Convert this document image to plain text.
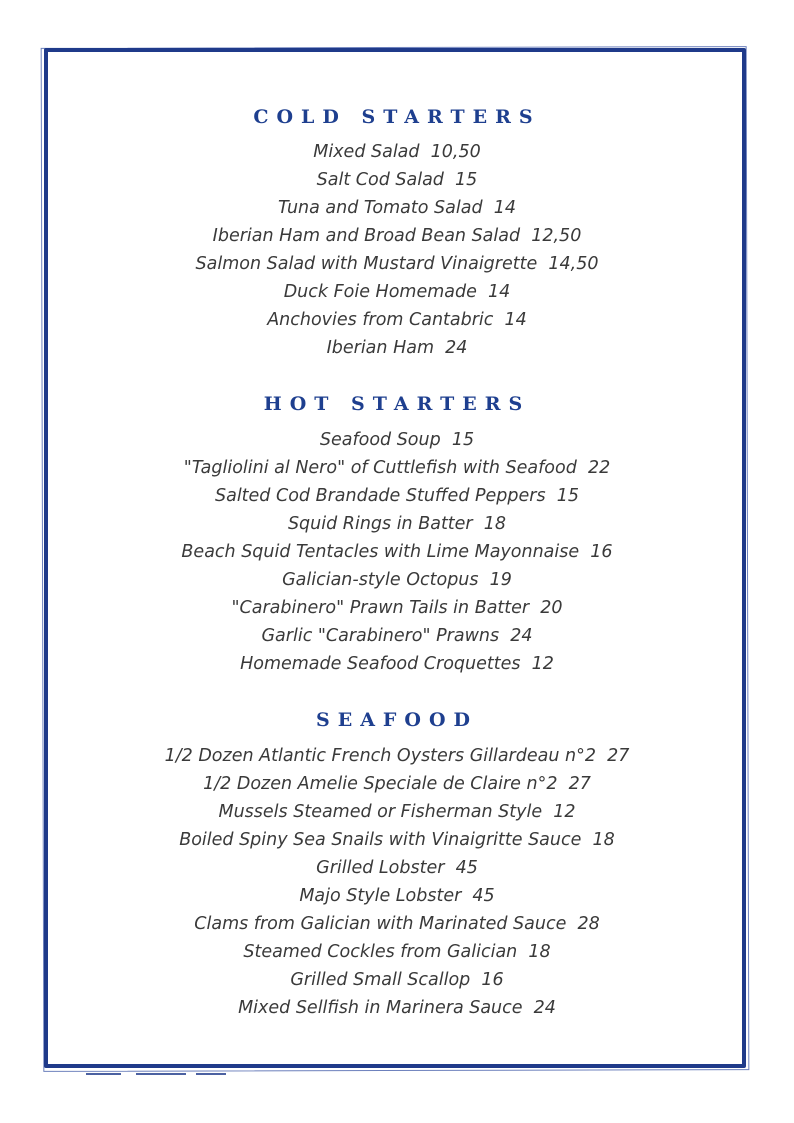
COLD STARTERS
Mixed Salad  10,50
Salt Cod Salad  15
Tuna and Tomato Salad  14
Iberian Ham and Broad Bean Salad  12,50
Salmon Salad with Mustard Vinaigrette  14,50
Duck Foie Homemade  14
Anchovies from Cantabric  14
Iberian Ham  24
HOT STARTERS
Seafood Soup  15
"Tagliolini al Nero" of Cuttlefish with Seafood  22
Salted Cod Brandade Stuffed Peppers  15
Squid Rings in Batter  18
Beach Squid Tentacles with Lime Mayonnaise  16
Galician-style Octopus  19
"Carabinero" Prawn Tails in Batter  20
Garlic "Carabinero" Prawns  24
Homemade Seafood Croquettes  12
SEAFOOD
1/2 Dozen Atlantic French Oysters Gillardeau n°2  27
1/2 Dozen Amelie Speciale de Claire n°2  27
Mussels Steamed or Fisherman Style  12
Boiled Spiny Sea Snails with Vinaigritte Sauce  18
Grilled Lobster  45
Majo Style Lobster  45
Clams from Galician with Marinated Sauce  28
Steamed Cockles from Galician  18
Grilled Small Scallop  16
Mixed Sellfish in Marinera Sauce  24
